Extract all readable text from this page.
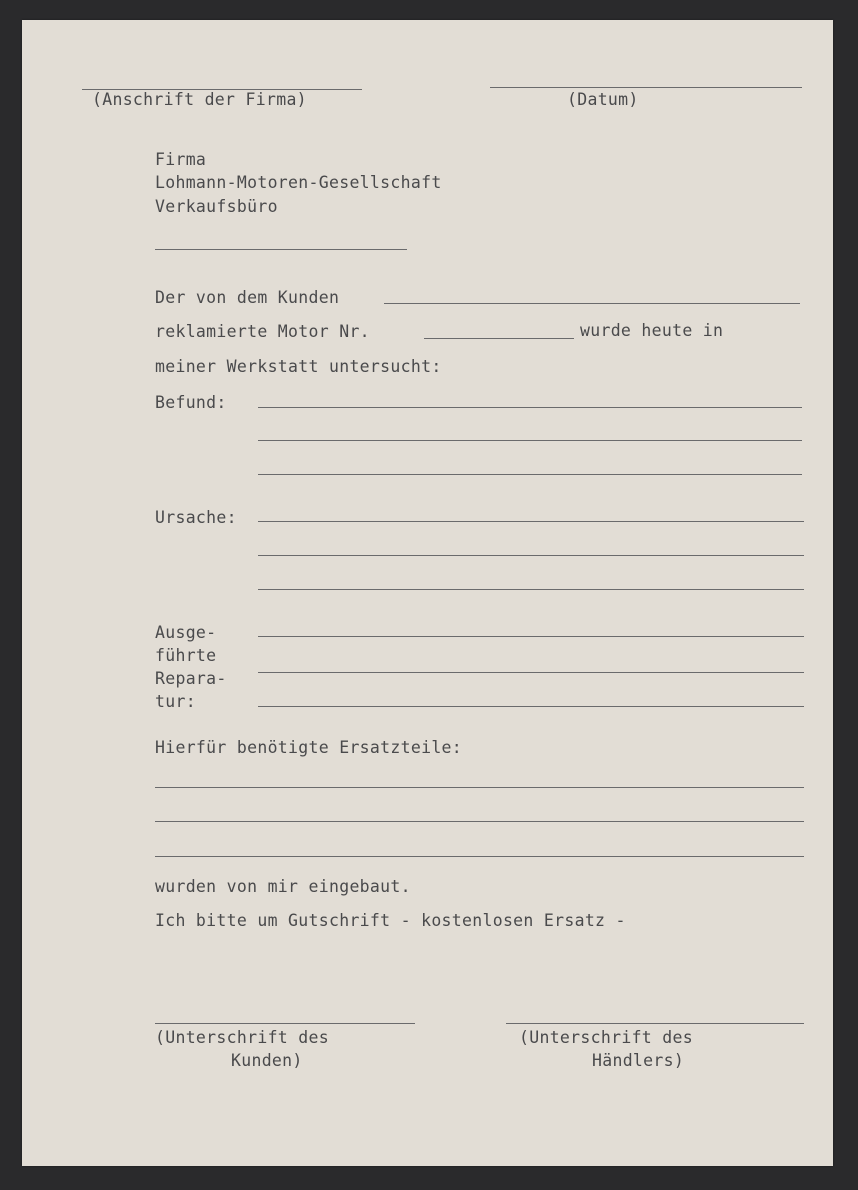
(Anschrift der Firma)	(Datum)
Firma
Lohmann-Motoren-Gesellschaft
Verkaufsbüro
Der von dem Kunden
reklamierte Motor Nr.	wurde heute in
meiner Werkstatt untersucht:
Befund:
Ursache:
Ausge-
führte
Repara-
tur:
Hierfür benötigte Ersatzteile:
wurden von mir eingebaut.
Ich bitte um Gutschrift - kostenlosen Ersatz -
(Unterschrift des
Kunden)
(Unterschrift des
Händlers)
